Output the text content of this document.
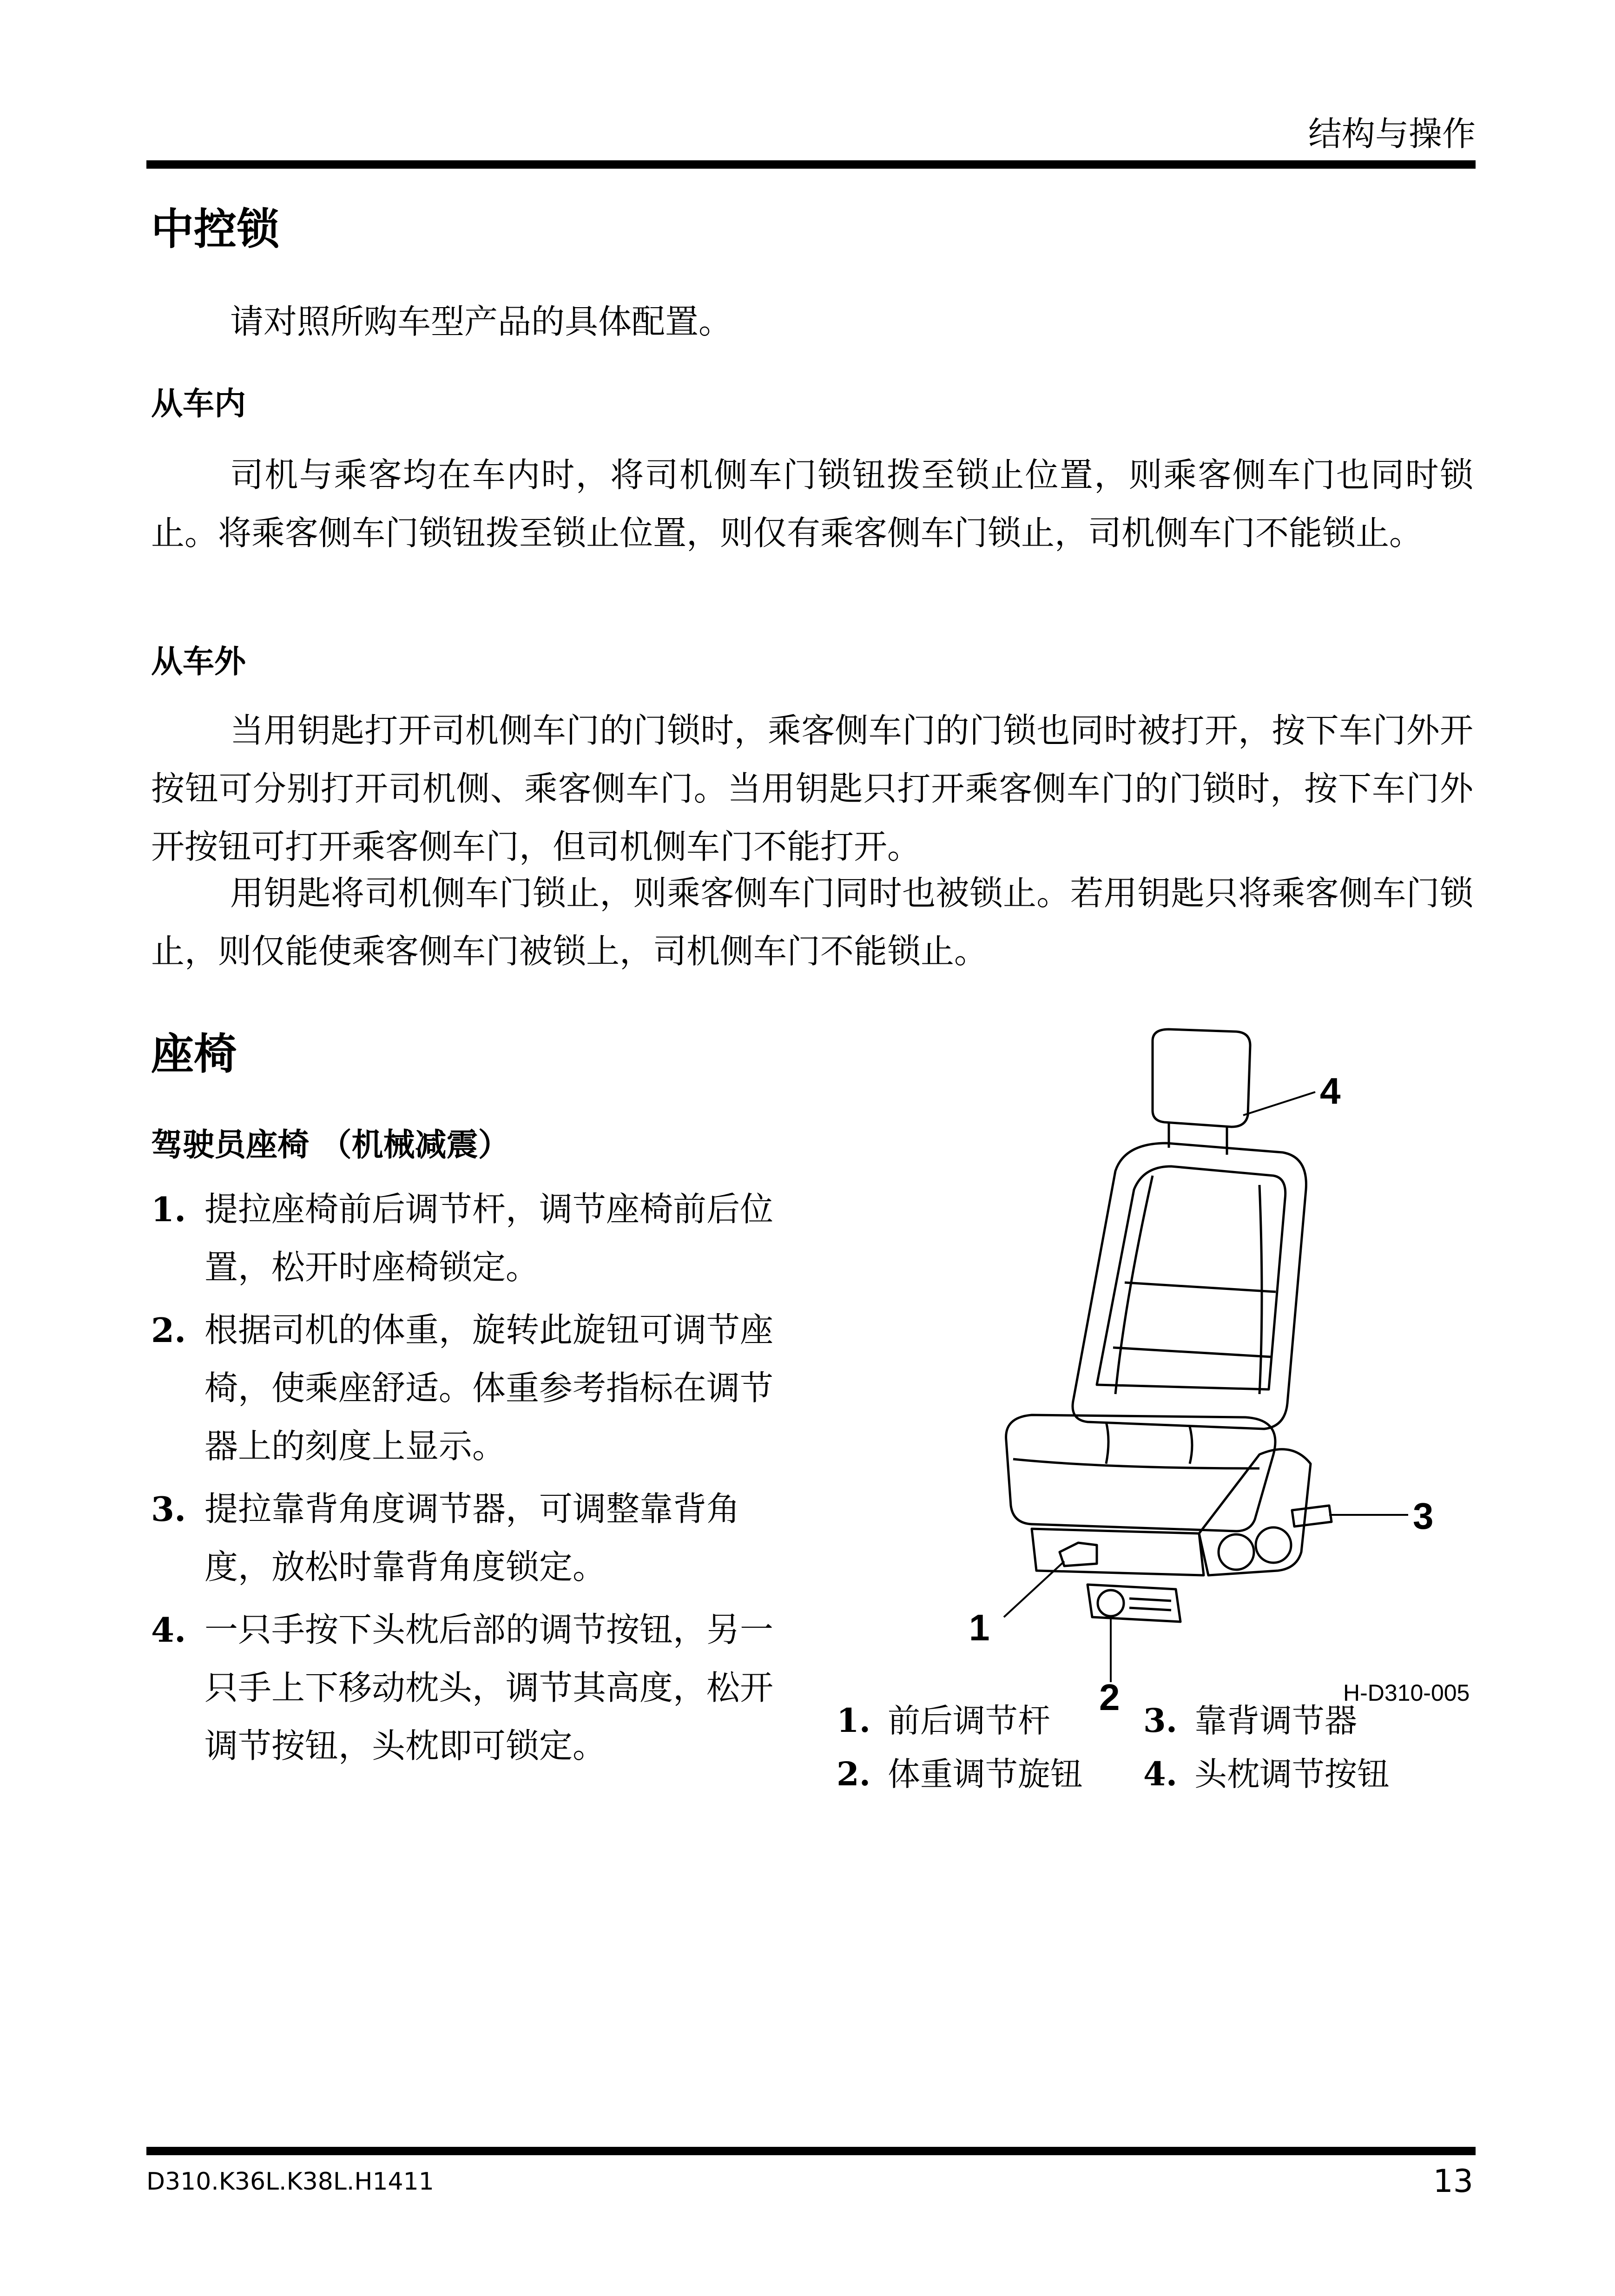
结构与操作
中控锁

请对照所购车型产品的具体配置。

从车内

司机与乘客均在车内时，将司机侧车门锁钮拨至锁止位置，则乘客侧车门也同时锁止。将乘客侧车门锁钮拨至锁止位置，则仅有乘客侧车门锁止，司机侧车门不能锁止。

从车外

当用钥匙打开司机侧车门的门锁时，乘客侧车门的门锁也同时被打开，按下车门外开按钮可分别打开司机侧、乘客侧车门。当用钥匙只打开乘客侧车门的门锁时，按下车门外开按钮可打开乘客侧车门，但司机侧车门不能打开。

用钥匙将司机侧车门锁止，则乘客侧车门同时也被锁止。若用钥匙只将乘客侧车门锁止，则仅能使乘客侧车门被锁上，司机侧车门不能锁止。

座椅
驾驶员座椅 （机械减震）
1. 提拉座椅前后调节杆，调节座椅前后位置，松开时座椅锁定。
2. 根据司机的体重，旋转此旋钮可调节座椅，使乘座舒适。体重参考指标在调节器上的刻度上显示。
3. 提拉靠背角度调节器，可调整靠背角度，放松时靠背角度锁定。
4. 一只手按下头枕后部的调节按钮，另一只手上下移动枕头，调节其高度，松开调节按钮，头枕即可锁定。
4
3
1
2	H-D310-005
1. 前后调节杆	3. 靠背调节器
2. 体重调节旋钮	4. 头枕调节按钮
D310.K36L.K38L.H1411	13
